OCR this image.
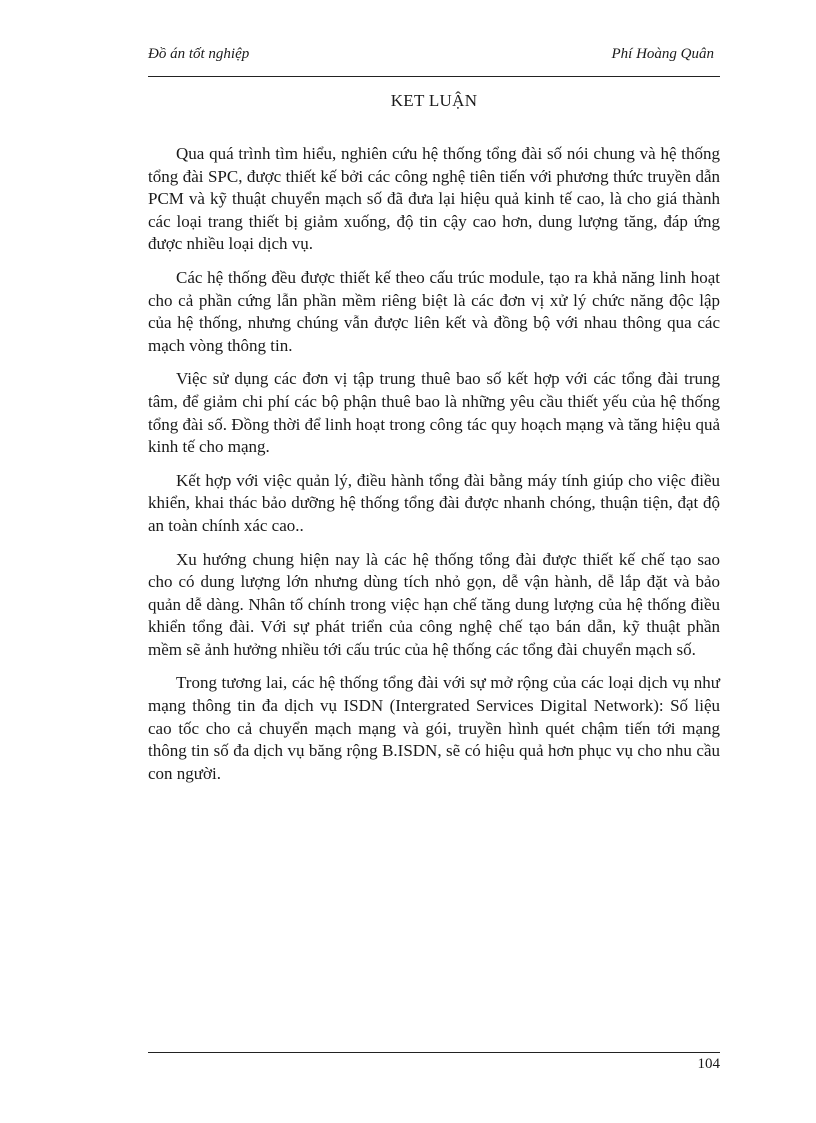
Đồ án tốt nghiệp	Phí Hoàng Quân
KET LUẬN

Qua quá trình tìm hiểu, nghiên cứu hệ thống tổng đài số nói chung và hệ thống tổng đài SPC, được thiết kế bởi các công nghệ tiên tiến với phương thức truyền dẫn PCM và kỹ thuật chuyển mạch số đã đưa lại hiệu quả kinh tế cao, là cho giá thành các loại trang thiết bị giảm xuống, độ tin cậy cao hơn, dung lượng tăng, đáp ứng được nhiều loại dịch vụ.

Các hệ thống đều được thiết kế theo cấu trúc module, tạo ra khả năng linh hoạt cho cả phần cứng lẫn phần mềm riêng biệt là các đơn vị xử lý chức năng độc lập của hệ thống, nhưng chúng vẫn được liên kết và đồng bộ với nhau thông qua các mạch vòng thông tin.

Việc sử dụng các đơn vị tập trung thuê bao số kết hợp với các tổng đài trung tâm, để giảm chi phí các bộ phận thuê bao là những yêu cầu thiết yếu của hệ thống tổng đài số. Đồng thời để linh hoạt trong công tác quy hoạch mạng và tăng hiệu quả kinh tế cho mạng.

Kết hợp với việc quản lý, điều hành tổng đài bằng máy tính giúp cho việc điều khiển, khai thác bảo dưỡng hệ thống tổng đài được nhanh chóng, thuận tiện, đạt độ an toàn chính xác cao..

Xu hướng chung hiện nay là các hệ thống tổng đài được thiết kế chế tạo sao cho có dung lượng lớn nhưng dùng tích nhỏ gọn, dễ vận hành, dễ lắp đặt và bảo quản dễ dàng. Nhân tố chính trong việc hạn chế tăng dung lượng của hệ thống điều khiển tổng đài. Với sự phát triển của công nghệ chế tạo bán dẫn, kỹ thuật phần mềm sẽ ảnh hưởng nhiều tới cấu trúc của hệ thống các tổng đài chuyển mạch số.

Trong tương lai, các hệ thống tổng đài với sự mở rộng của các loại dịch vụ như mạng thông tin đa dịch vụ ISDN (Intergrated Services Digital Network): Số liệu cao tốc cho cả chuyển mạch mạng và gói, truyền hình quét chậm tiến tới mạng thông tin số đa dịch vụ băng rộng B.ISDN, sẽ có hiệu quả hơn phục vụ cho nhu cầu con người.

104
